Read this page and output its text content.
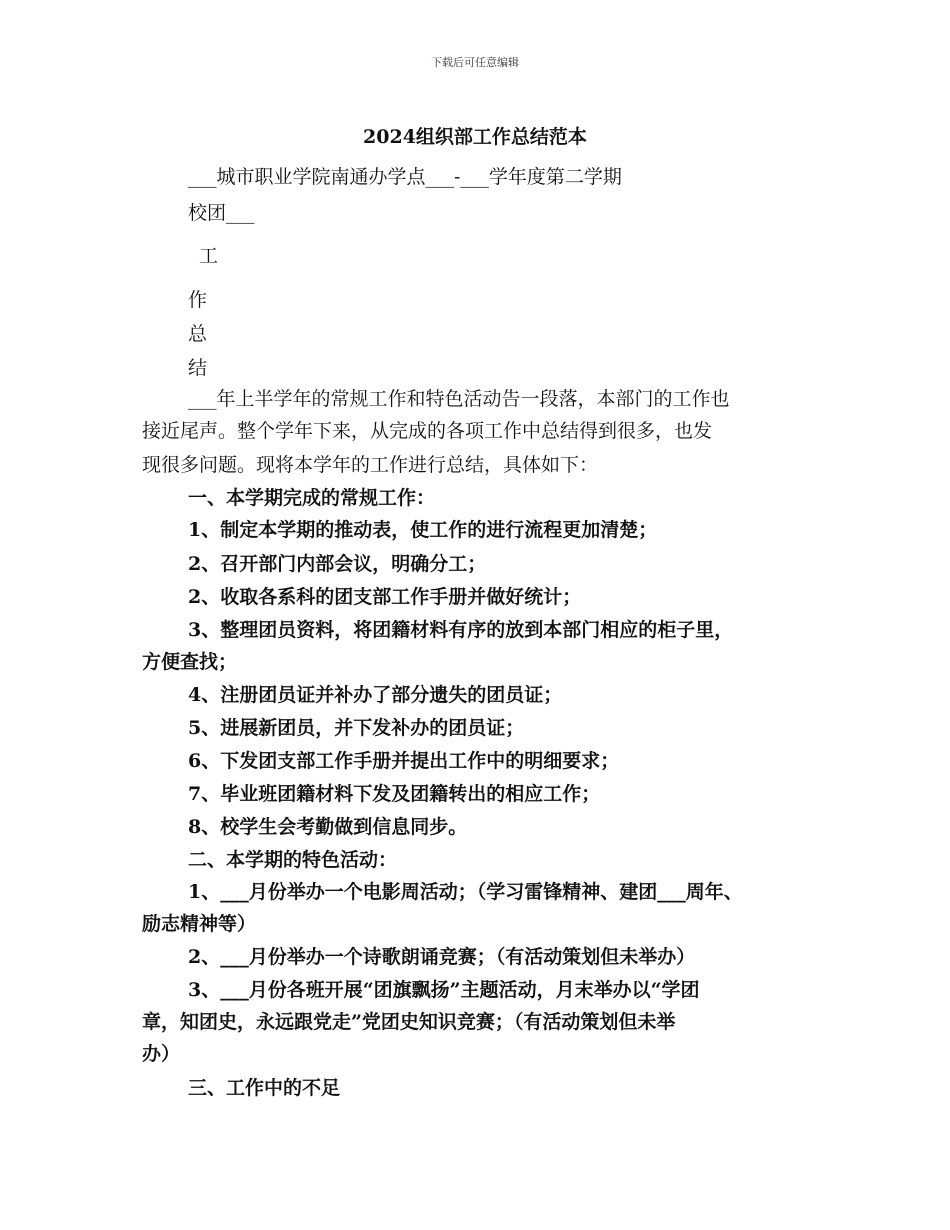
下载后可任意编辑
2024组织部工作总结范本
___城市职业学院南通办学点___-___学年度第二学期
校团___
工
作
总
结
___年上半学年的常规工作和特色活动告一段落，本部门的工作也
接近尾声。整个学年下来，从完成的各项工作中总结得到很多，也发
现很多问题。现将本学年的工作进行总结，具体如下：
一、本学期完成的常规工作：
1、制定本学期的推动表，使工作的进行流程更加清楚；
2、召开部门内部会议，明确分工；
2、收取各系科的团支部工作手册并做好统计；
3、整理团员资料，将团籍材料有序的放到本部门相应的柜子里，
方便查找；
4、注册团员证并补办了部分遗失的团员证；
5、进展新团员，并下发补办的团员证；
6、下发团支部工作手册并提出工作中的明细要求；
7、毕业班团籍材料下发及团籍转出的相应工作；
8、校学生会考勤做到信息同步。
二、本学期的特色活动：
1、___月份举办一个电影周活动；（学习雷锋精神、建团___周年、
励志精神等）
2、___月份举办一个诗歌朗诵竞赛；（有活动策划但未举办）
3、___月份各班开展“团旗飘扬”主题活动，月末举办以“学团
章，知团史，永远跟党走”党团史知识竞赛；（有活动策划但未举
办）
三、工作中的不足
